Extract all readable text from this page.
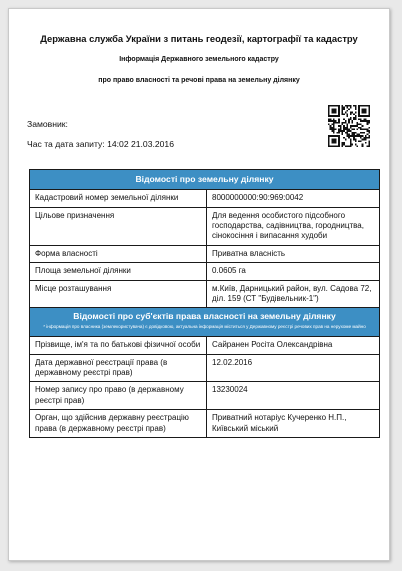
Державна служба України з питань геодезії, картографії та кадастру
Інформація Державного земельного кадастру
про право власності та речові права на земельну ділянку
Замовник:
Час та дата запиту: 14:02 21.03.2016
Відомості про земельну ділянку	
Кадастровий номер земельної ділянки	8000000000:90:969:0042
Цільове призначення	Для ведення особистого підсобного господарства, садівництва, городництва, сінокосіння і випасання худоби
Форма власності	Приватна власність
Площа земельної ділянки	0.0605 га
Місце розташування	м.Київ, Дарницький район, вул. Садова 72, діл. 159 (СТ "Будівельник-1")

Відомості про суб'єктів права власності на земельну ділянку
* інформація про власника (землекористувача) є довідковою, актуальна інформація міститься у Державному реєстрі речових прав на нерухоме майно	

Прізвище, ім'я та по батькові фізичної особи	Сайранен Росіта Олександрівна
Дата державної реєстрації права (в державному реєстрі прав)	12.02.2016
Номер запису про право (в державному реєстрі прав)	13230024
Орган, що здійснив державну реєстрацію права (в державному реєстрі прав)	Приватний нотаріус Кучеренко Н.П., Київський міський
